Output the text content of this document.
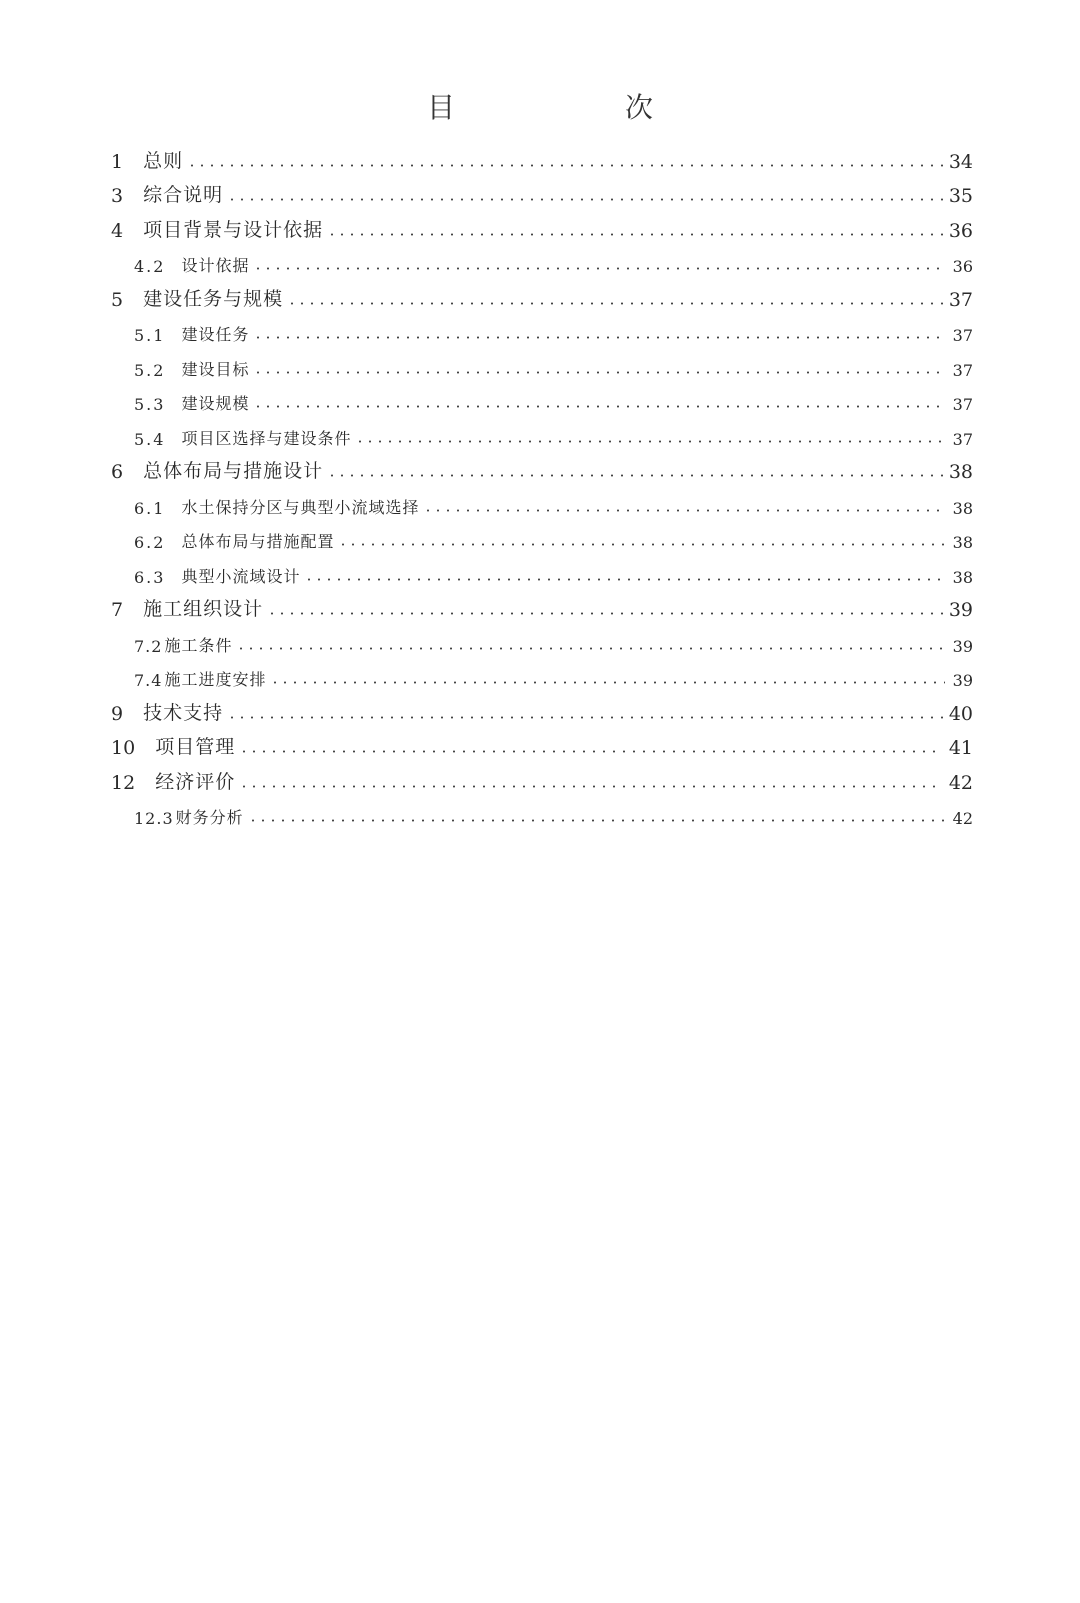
目　　次
1 总则	34
3 综合说明	35
4 项目背景与设计依据	36
4.2 设计依据	36
5 建设任务与规模	37
5.1 建设任务	37
5.2 建设目标	37
5.3 建设规模	37
5.4 项目区选择与建设条件	37
6 总体布局与措施设计	38
6.1 水土保持分区与典型小流域选择	38
6.2 总体布局与措施配置	38
6.3 典型小流域设计	38
7 施工组织设计	39
7.2 施工条件	39
7.4 施工进度安排	39
9 技术支持	40
10 项目管理	41
12 经济评价	42
12.3 财务分析	42
